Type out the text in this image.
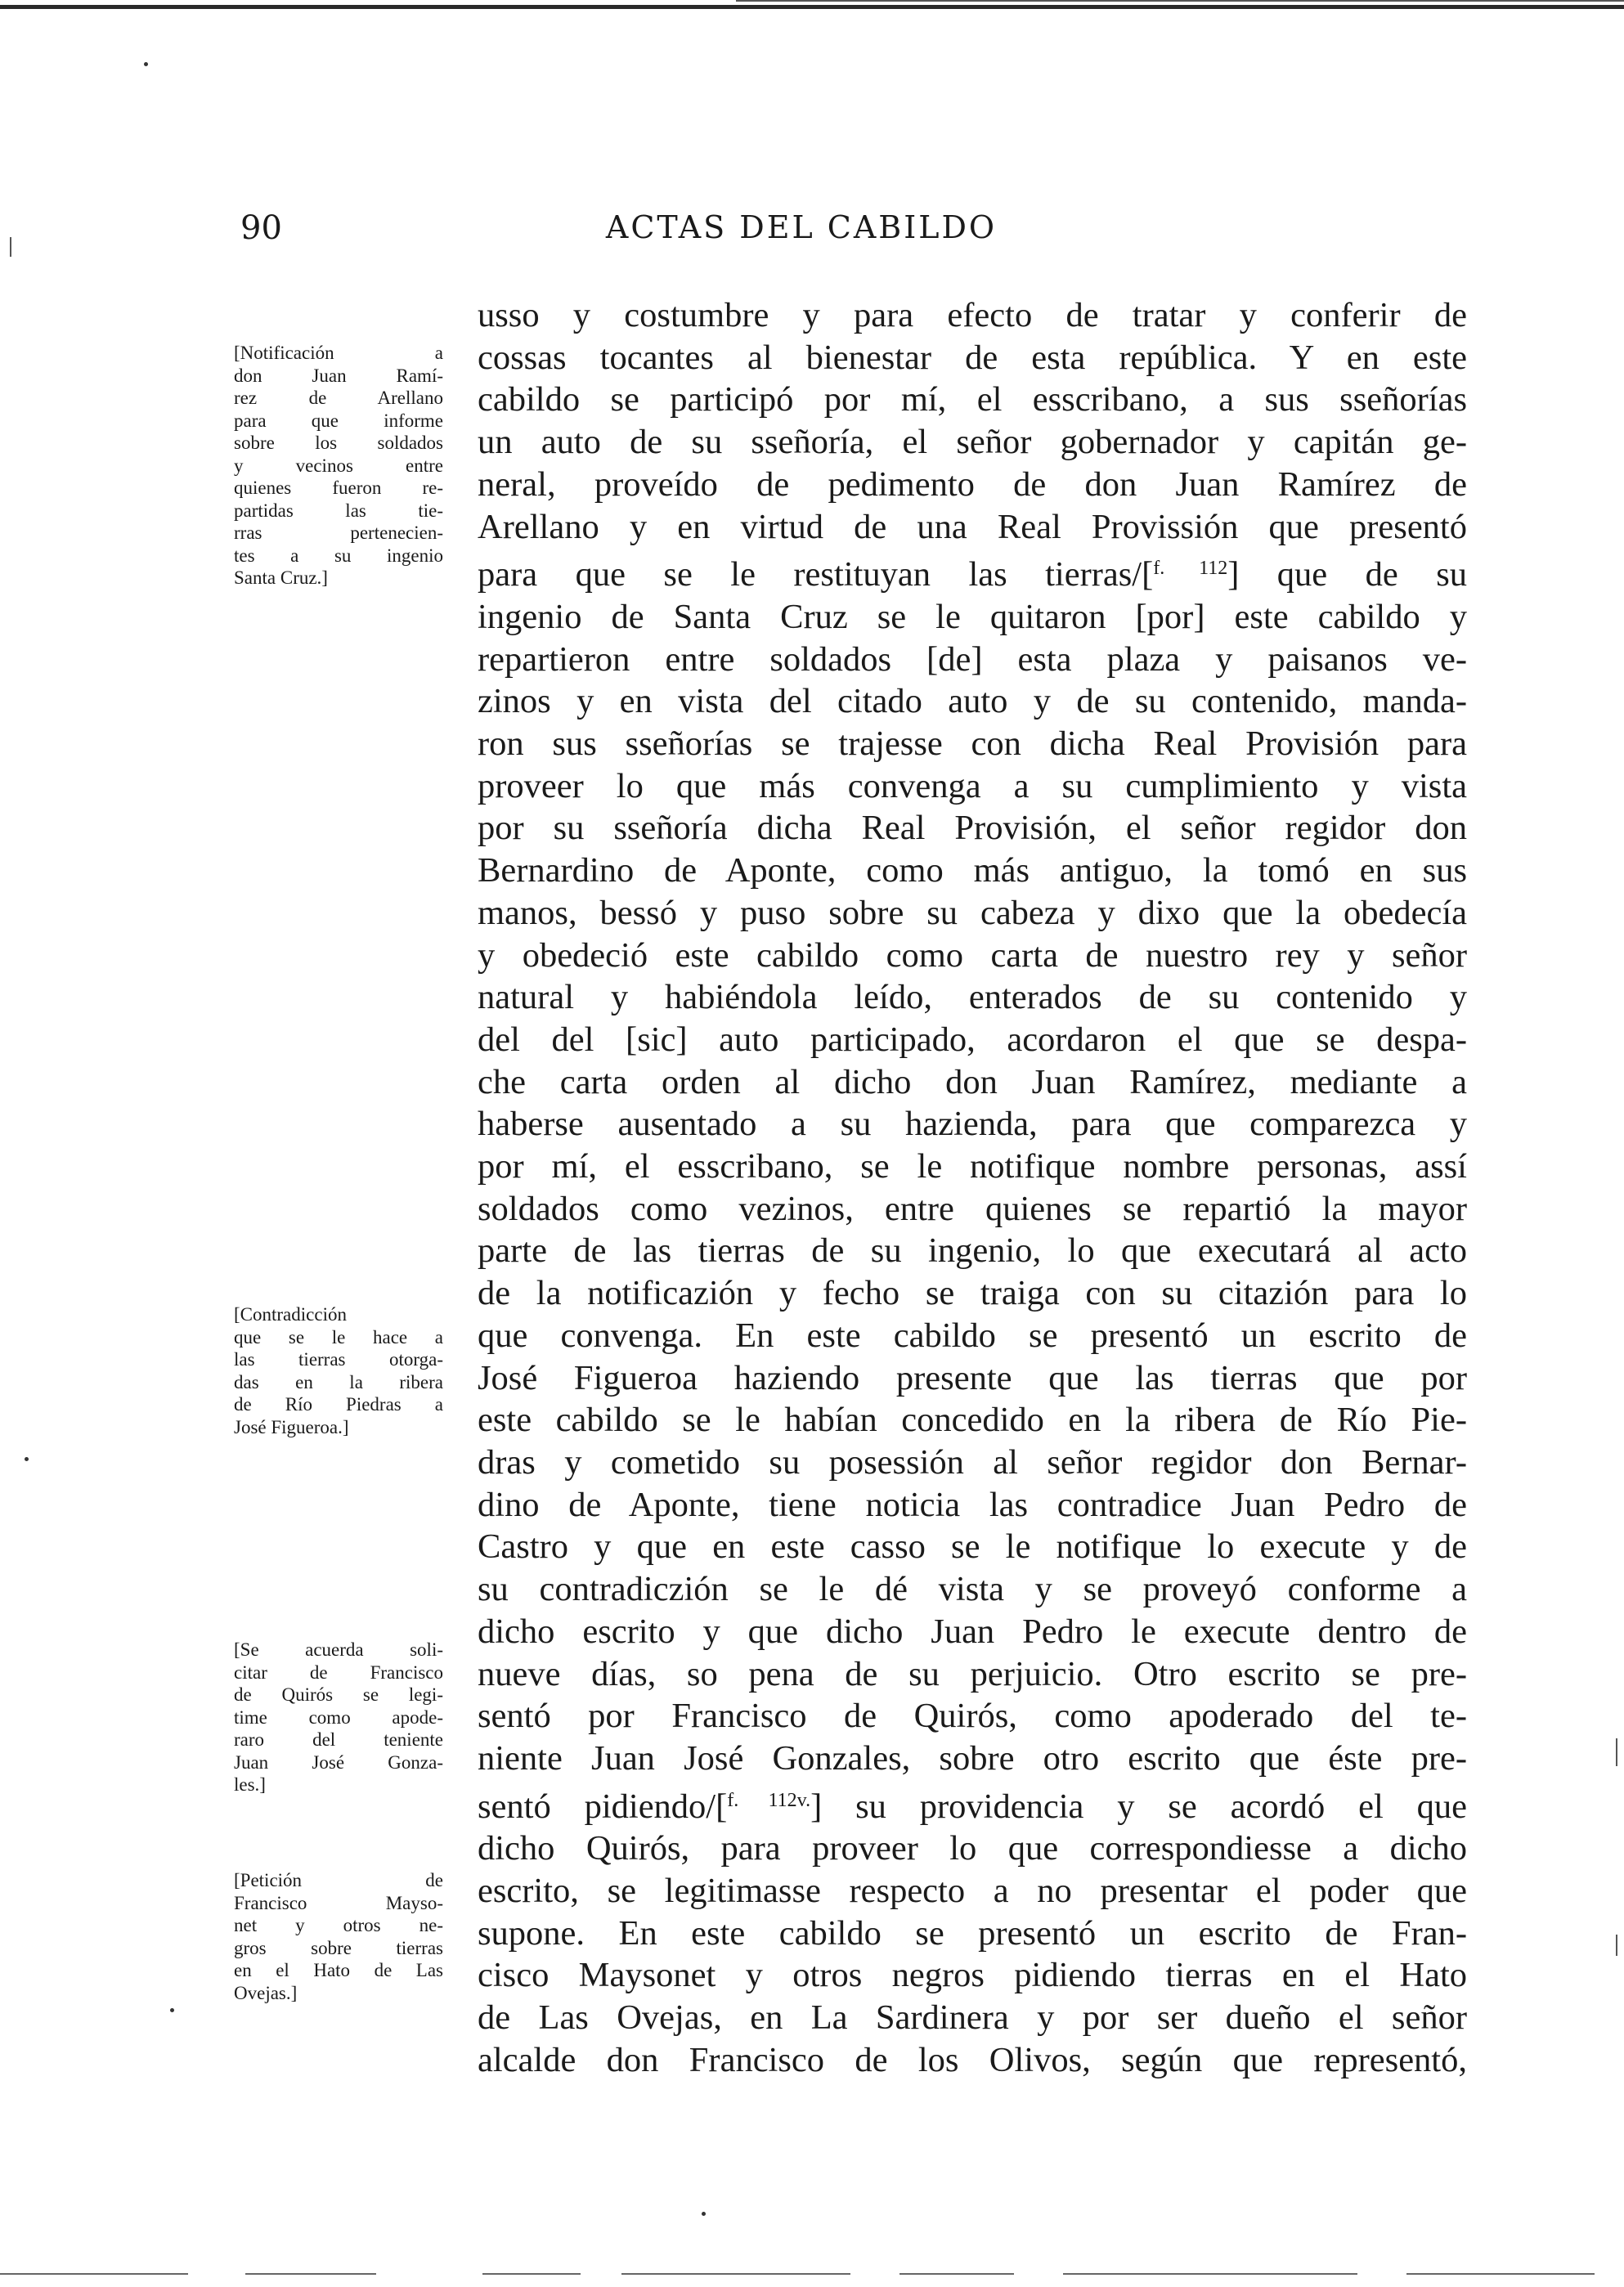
90	ACTAS DEL CABILDO
[Notificación a
don Juan Ramí-
rez de Arellano
para que informe
sobre los soldados
y vecinos entre
quienes fueron re-
partidas las tie-
rras pertenecien-
tes a su ingenio
Santa Cruz.]
[Contradicción
que se le hace a
las tierras otorga-
das en la ribera
de Río Piedras a
José Figueroa.]
[Se acuerda soli-
citar de Francisco
de Quirós se legi-
time como apode-
raro del teniente
Juan José Gonza-
les.]
[Petición de
Francisco Mayso-
net y otros ne-
gros sobre tierras
en el Hato de Las
Ovejas.]
usso y costumbre y para efecto de tratar y conferir de
cossas tocantes al bienestar de esta república. Y en este
cabildo se participó por mí, el esscribano, a sus sseñorías
un auto de su sseñoría, el señor gobernador y capitán ge-
neral, proveído de pedimento de don Juan Ramírez de
Arellano y en virtud de una Real Provissión que presentó
para que se le restituyan las tierras/[$^{f. 112}$] que de su
ingenio de Santa Cruz se le quitaron [por] este cabildo y
repartieron entre soldados [de] esta plaza y paisanos ve-
zinos y en vista del citado auto y de su contenido, manda-
ron sus sseñorías se trajesse con dicha Real Provisión para
proveer lo que más convenga a su cumplimiento y vista
por su sseñoría dicha Real Provisión, el señor regidor don
Bernardino de Aponte, como más antiguo, la tomó en sus
manos, bessó y puso sobre su cabeza y dixo que la obedecía
y obedeció este cabildo como carta de nuestro rey y señor
natural y habiéndola leído, enterados de su contenido y
del del [sic] auto participado, acordaron el que se despa-
che carta orden al dicho don Juan Ramírez, mediante a
haberse ausentado a su hazienda, para que comparezca y
por mí, el esscribano, se le notifique nombre personas, assí
soldados como vezinos, entre quienes se repartió la mayor
parte de las tierras de su ingenio, lo que executará al acto
de la notificazión y fecho se traiga con su citazión para lo
que convenga. En este cabildo se presentó un escrito de
José Figueroa haziendo presente que las tierras que por
este cabildo se le habían concedido en la ribera de Río Pie-
dras y cometido su posessión al señor regidor don Bernar-
dino de Aponte, tiene noticia las contradice Juan Pedro de
Castro y que en este casso se le notifique lo execute y de
su contradiczión se le dé vista y se proveyó conforme a
dicho escrito y que dicho Juan Pedro le execute dentro de
nueve días, so pena de su perjuicio. Otro escrito se pre-
sentó por Francisco de Quirós, como apoderado del te-
niente Juan José Gonzales, sobre otro escrito que éste pre-
sentó pidiendo/[$^{f. 112v.}$] su providencia y se acordó el que
dicho Quirós, para proveer lo que correspondiesse a dicho
escrito, se legitimasse respecto a no presentar el poder que
supone. En este cabildo se presentó un escrito de Fran-
cisco Maysonet y otros negros pidiendo tierras en el Hato
de Las Ovejas, en La Sardinera y por ser dueño el señor
alcalde don Francisco de los Olivos, según que representó,
